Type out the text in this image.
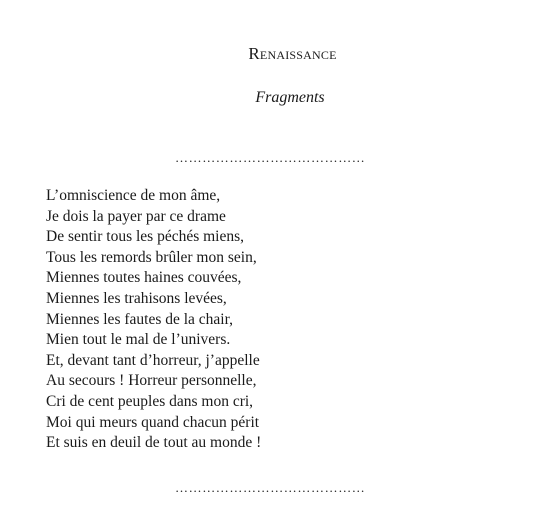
Renaissance
Fragments
……………………………………
L’omniscience de mon âme,
Je dois la payer par ce drame
De sentir tous les péchés miens,
Tous les remords brûler mon sein,
Miennes toutes haines couvées,
Miennes les trahisons levées,
Miennes les fautes de la chair,
Mien tout le mal de l’univers.
Et, devant tant d’horreur, j’appelle
Au secours ! Horreur personnelle,
Cri de cent peuples dans mon cri,
Moi qui meurs quand chacun périt
Et suis en deuil de tout au monde !
……………………………………
